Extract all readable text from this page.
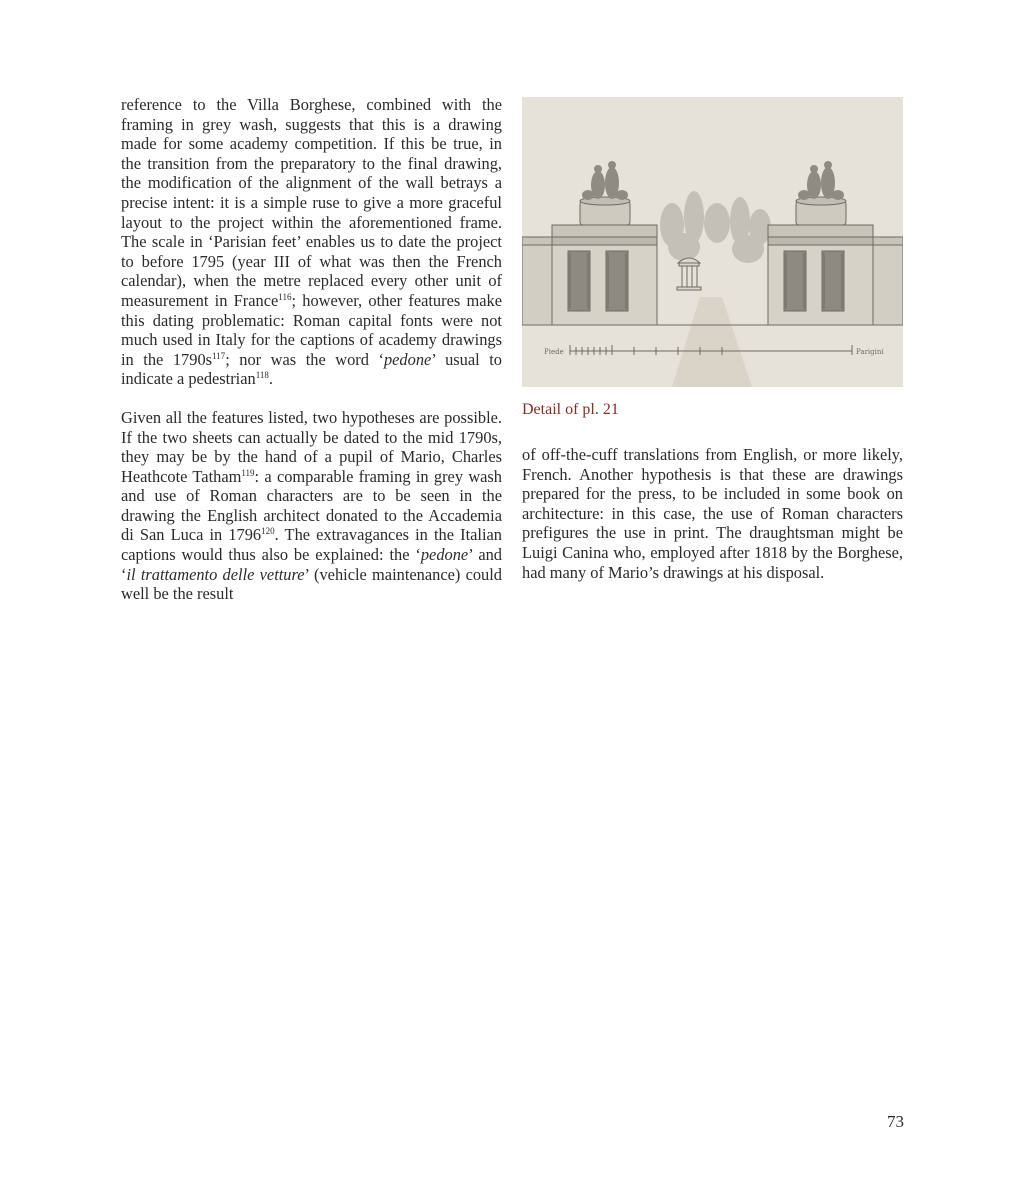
reference to the Villa Borghese, combined with the framing in grey wash, suggests that this is a drawing made for some academy competition. If this be true, in the transition from the preparatory to the final drawing, the modification of the alignment of the wall betrays a precise intent: it is a simple ruse to give a more graceful layout to the project within the aforementioned frame. The scale in ‘Parisian feet’ enables us to date the project to before 1795 (year III of what was then the French calendar), when the metre replaced every other unit of measurement in France$^{116}$; however, other features make this dating problematic: Roman capital fonts were not much used in Italy for the captions of academy drawings in the $1790s^{117}$; nor was the word ‘pedone’ usual to indicate a pedestrian$^{118}$.

Given all the features listed, two hypotheses are possible. If the two sheets can actually be dated to the mid 1790s, they may be by the hand of a pupil of Mario, Charles Heathcote Tatham$^{119}$: a comparable framing in grey wash and use of Roman characters are to be seen in the drawing the English architect donated to the Accademia di San Luca in 1796$^{120}$. The extravagances in the Italian captions would thus also be explained: the ‘pedone’ and ‘il trattamento delle vetture’ (vehicle maintenance) could well be the result

Piede	Parigini
Detail of pl. 21

of off-the-cuff translations from English, or more likely, French. Another hypothesis is that these are drawings prepared for the press, to be included in some book on architecture: in this case, the use of Roman characters prefigures the use in print. The draughtsman might be Luigi Canina who, employed after 1818 by the Borghese, had many of Mario’s drawings at his disposal.

73
